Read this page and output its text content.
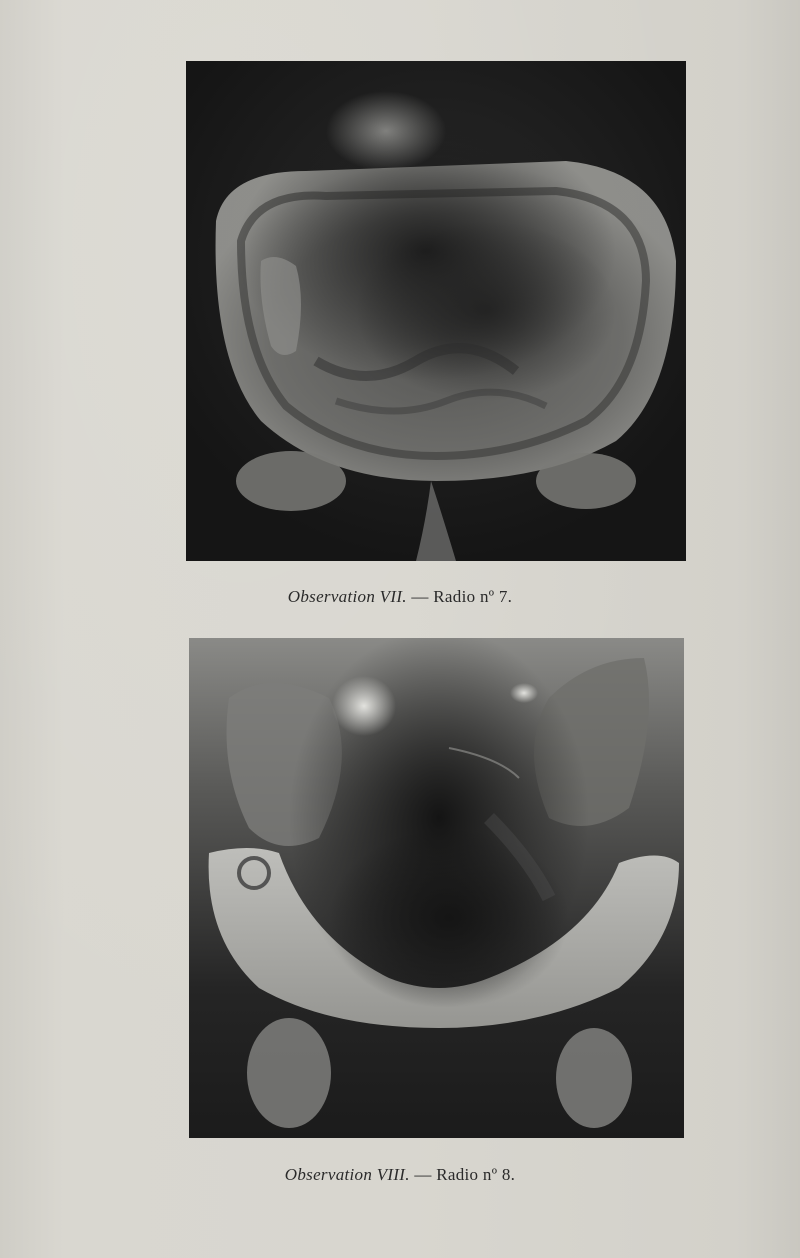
Observation VII. — Radio nº 7.
Observation VIII. — Radio nº 8.
